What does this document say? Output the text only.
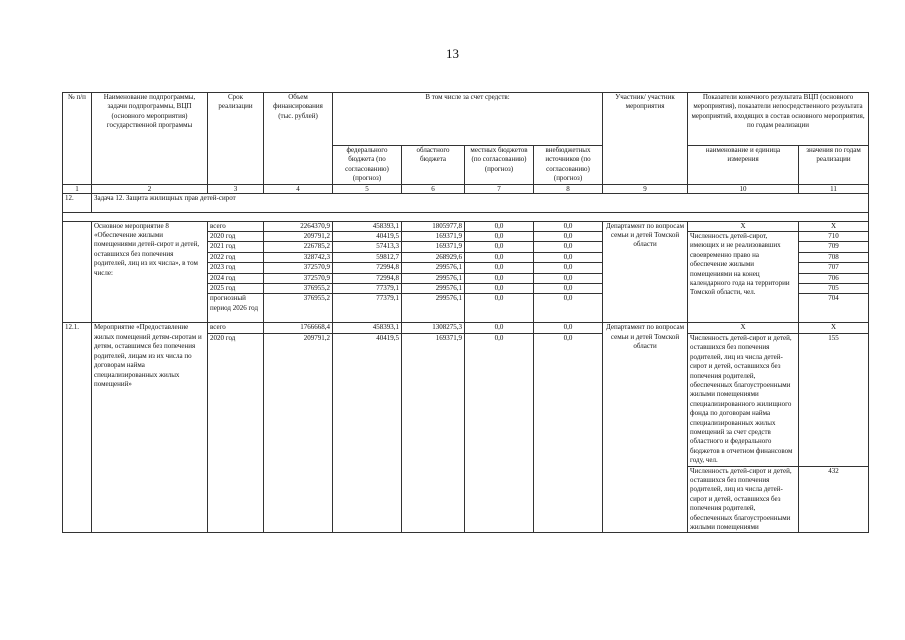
13
№ п/п	Наименование подпрограммы, задачи подпрограммы, ВЦП (основного мероприятия) государственной программы	Срок реализации	Объем финансирования (тыс. рублей)	В том числе за счет средств:				Участник/ участник мероприятия	Показатели конечного результата ВЦП (основного мероприятия), показатели непосредственного результата мероприятий, входящих в состав основного мероприятия, по годам реализации	
				федерального бюджета (по согласованию) (прогноз)	областного бюджета	местных бюджетов (по согласованию) (прогноз)	внебюджетных источников (по согласованию) (прогноз)		наименование и единица измерения	значения по годам реализации
1	2	3	4	5	6	7	8	9	10	11
12.	Задача 12. Защита жилищных прав детей-сирот									

	Основное мероприятие 8 «Обеспечение жилыми помещениями детей-сирот и детей, оставшихся без попечения родителей, лиц из их числа», в том числе:	всего	2264370,9	458393,1	1805977,8	0,0	0,0	Департамент по вопросам семьи и детей Томской области	X	X
		2020 год	209791,2	40419,5	169371,9	0,0	0,0		Численность детей-сирот, имеющих и не реализовавших своевременно право на обеспечение жилыми помещениями на конец календарного года на территории Томской области, чел.	710
		2021 год	226785,2	57413,3	169371,9	0,0	0,0			709
		2022 год	328742,3	59812,7	268929,6	0,0	0,0			708
		2023 год	372570,9	72994,8	299576,1	0,0	0,0			707
		2024 год	372570,9	72994,8	299576,1	0,0	0,0			706
		2025 год	376955,2	77379,1	299576,1	0,0	0,0			705
		прогнозный период 2026 год	376955,2	77379,1	299576,1	0,0	0,0			704
12.1.	Мероприятие «Предоставление жилых помещений детям-сиротам и детям, оставшимся без попечения родителей, лицам из их числа по договорам найма специализированных жилых помещений»	всего	1766668,4	458393,1	1308275,3	0,0	0,0	Департамент по вопросам семьи и детей Томской области	X	X
		2020 год	209791,2	40419,5	169371,9	0,0	0,0		Численность детей-сирот и детей, оставшихся без попечения родителей, лиц из числа детей-сирот и детей, оставшихся без попечения родителей, обеспеченных благоустроенными жилыми помещениями специализированного жилищного фонда по договорам найма специализированных жилых помещений за счет средств областного и федерального бюджетов в отчетном финансовом году, чел.	155
									Численность детей-сирот и детей, оставшихся без попечения родителей, лиц из числа детей-сирот и детей, оставшихся без попечения родителей, обеспеченных благоустроенными жилыми помещениями	432
